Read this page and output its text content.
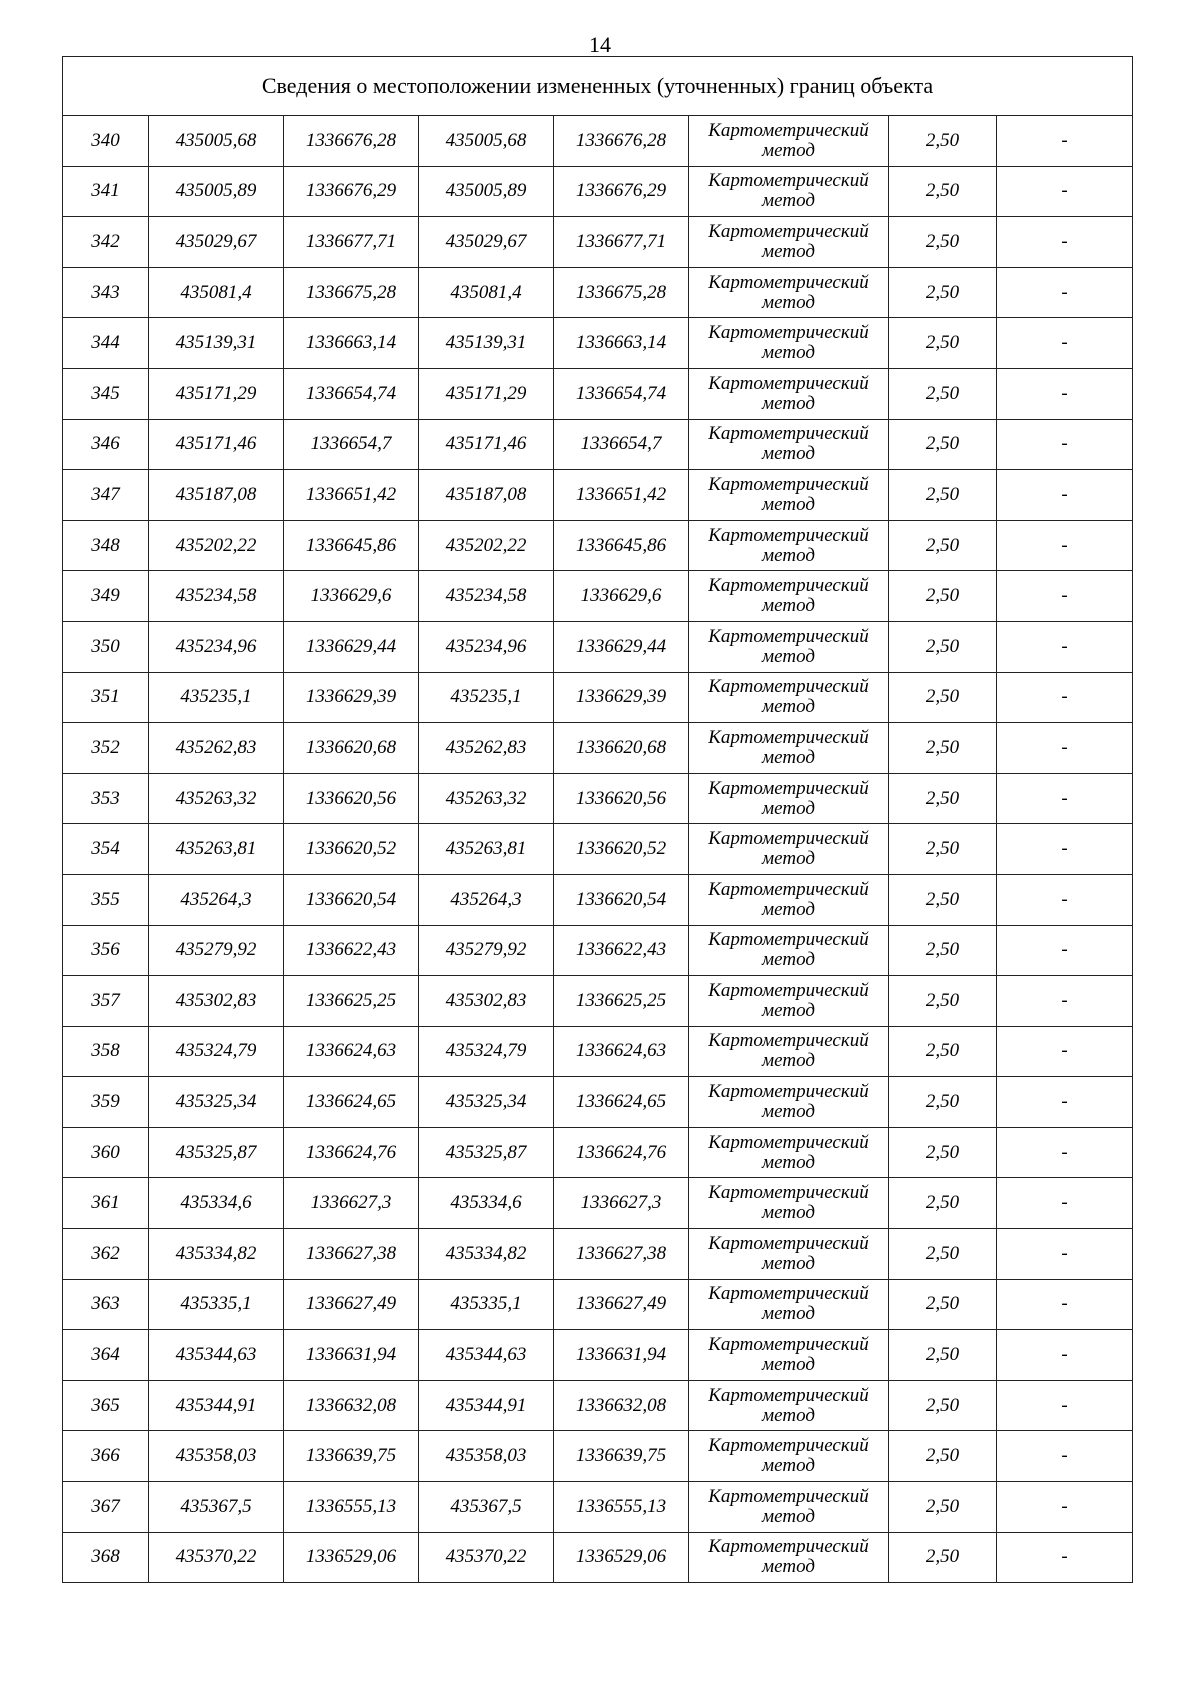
14
Сведения о местоположении измененных (уточненных) границ объекта							
340	435005,68	1336676,28	435005,68	1336676,28	Картометрический
метод	2,50	-
341	435005,89	1336676,29	435005,89	1336676,29	Картометрический
метод	2,50	-
342	435029,67	1336677,71	435029,67	1336677,71	Картометрический
метод	2,50	-
343	435081,4	1336675,28	435081,4	1336675,28	Картометрический
метод	2,50	-
344	435139,31	1336663,14	435139,31	1336663,14	Картометрический
метод	2,50	-
345	435171,29	1336654,74	435171,29	1336654,74	Картометрический
метод	2,50	-
346	435171,46	1336654,7	435171,46	1336654,7	Картометрический
метод	2,50	-
347	435187,08	1336651,42	435187,08	1336651,42	Картометрический
метод	2,50	-
348	435202,22	1336645,86	435202,22	1336645,86	Картометрический
метод	2,50	-
349	435234,58	1336629,6	435234,58	1336629,6	Картометрический
метод	2,50	-
350	435234,96	1336629,44	435234,96	1336629,44	Картометрический
метод	2,50	-
351	435235,1	1336629,39	435235,1	1336629,39	Картометрический
метод	2,50	-
352	435262,83	1336620,68	435262,83	1336620,68	Картометрический
метод	2,50	-
353	435263,32	1336620,56	435263,32	1336620,56	Картометрический
метод	2,50	-
354	435263,81	1336620,52	435263,81	1336620,52	Картометрический
метод	2,50	-
355	435264,3	1336620,54	435264,3	1336620,54	Картометрический
метод	2,50	-
356	435279,92	1336622,43	435279,92	1336622,43	Картометрический
метод	2,50	-
357	435302,83	1336625,25	435302,83	1336625,25	Картометрический
метод	2,50	-
358	435324,79	1336624,63	435324,79	1336624,63	Картометрический
метод	2,50	-
359	435325,34	1336624,65	435325,34	1336624,65	Картометрический
метод	2,50	-
360	435325,87	1336624,76	435325,87	1336624,76	Картометрический
метод	2,50	-
361	435334,6	1336627,3	435334,6	1336627,3	Картометрический
метод	2,50	-
362	435334,82	1336627,38	435334,82	1336627,38	Картометрический
метод	2,50	-
363	435335,1	1336627,49	435335,1	1336627,49	Картометрический
метод	2,50	-
364	435344,63	1336631,94	435344,63	1336631,94	Картометрический
метод	2,50	-
365	435344,91	1336632,08	435344,91	1336632,08	Картометрический
метод	2,50	-
366	435358,03	1336639,75	435358,03	1336639,75	Картометрический
метод	2,50	-
367	435367,5	1336555,13	435367,5	1336555,13	Картометрический
метод	2,50	-
368	435370,22	1336529,06	435370,22	1336529,06	Картометрический
метод	2,50	-
